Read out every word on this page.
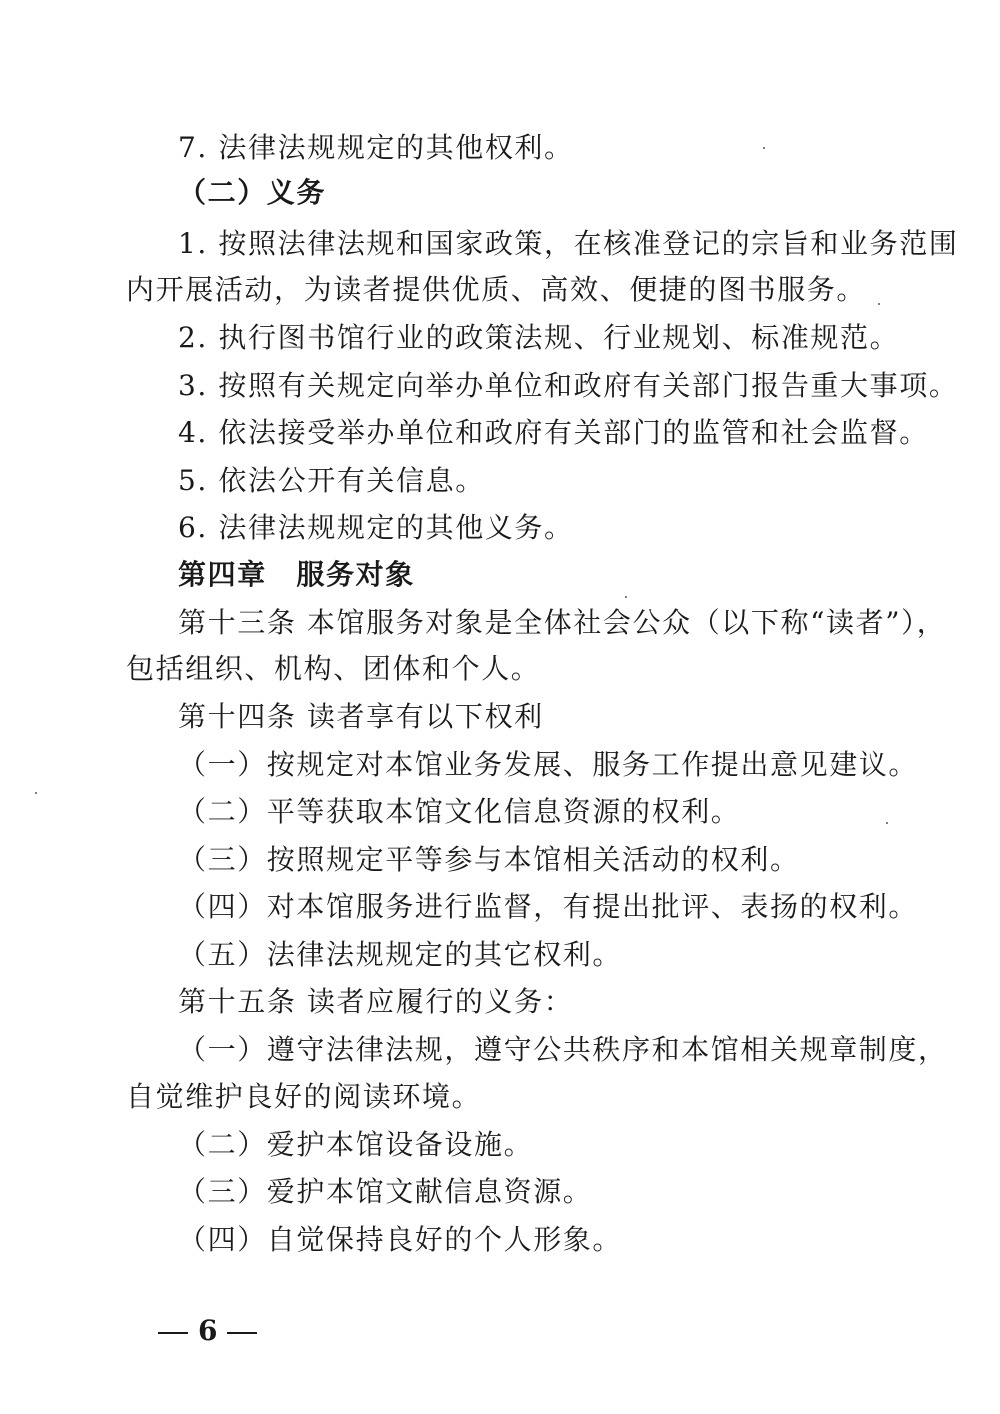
7. 法律法规规定的其他权利。
（二）义务
1. 按照法律法规和国家政策，在核准登记的宗旨和业务范围
内开展活动，为读者提供优质、高效、便捷的图书服务。
2. 执行图书馆行业的政策法规、行业规划、标准规范。
3. 按照有关规定向举办单位和政府有关部门报告重大事项。
4. 依法接受举办单位和政府有关部门的监管和社会监督。
5. 依法公开有关信息。
6. 法律法规规定的其他义务。
第四章　服务对象
第十三条 本馆服务对象是全体社会公众（以下称“读者”），
包括组织、机构、团体和个人。
第十四条 读者享有以下权利
（一）按规定对本馆业务发展、服务工作提出意见建议。
（二）平等获取本馆文化信息资源的权利。
（三）按照规定平等参与本馆相关活动的权利。
（四）对本馆服务进行监督，有提出批评、表扬的权利。
（五）法律法规规定的其它权利。
第十五条 读者应履行的义务：
（一）遵守法律法规，遵守公共秩序和本馆相关规章制度，
自觉维护良好的阅读环境。
（二）爱护本馆设备设施。
（三）爱护本馆文献信息资源。
（四）自觉保持良好的个人形象。
6
